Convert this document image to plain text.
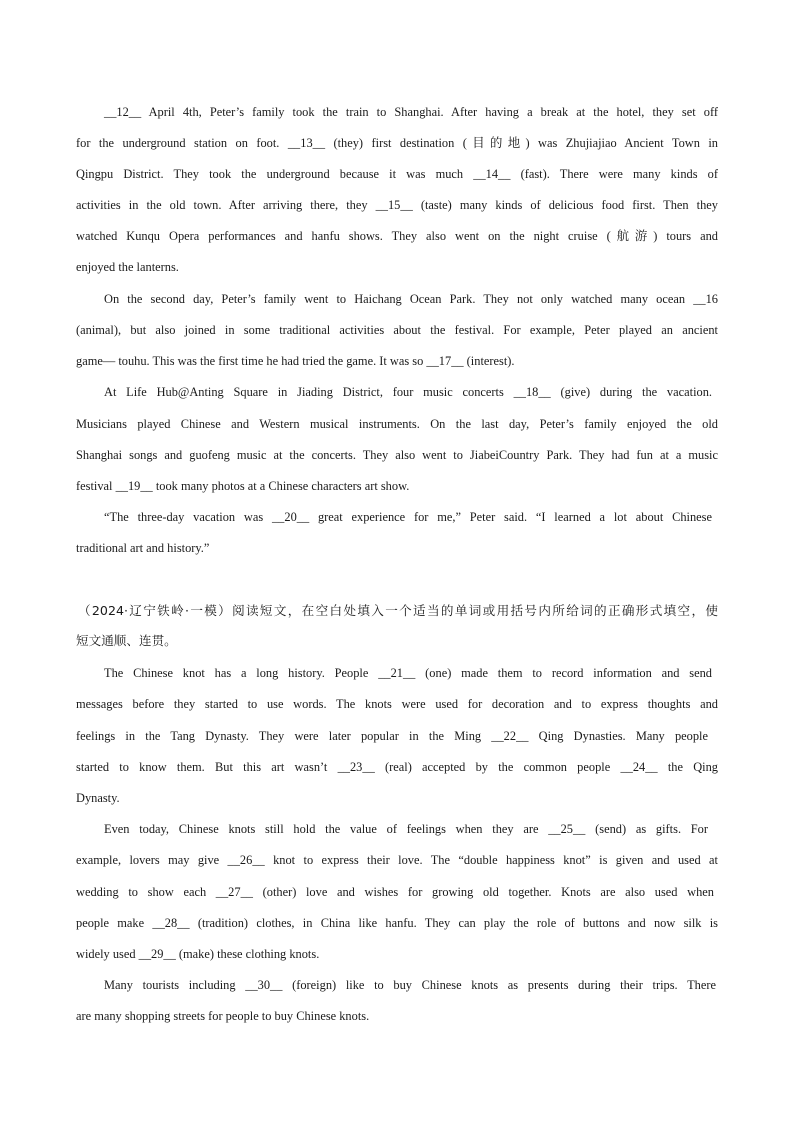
__12__ April 4th, Peter’s family took the train to Shanghai. After having a break at the hotel, they set off
for the underground station on foot. __13__ (they) first destination (目的地) was Zhujiajiao Ancient Town in
Qingpu District. They took the underground because it was much __14__ (fast). There were many kinds of
activities in the old town. After arriving there, they __15__ (taste) many kinds of delicious food first. Then they
watched Kunqu Opera performances and hanfu shows. They also went on the night cruise (航游) tours and
enjoyed the lanterns.
On the second day, Peter’s family went to Haichang Ocean Park. They not only watched many ocean __16
(animal), but also joined in some traditional activities about the festival. For example, Peter played an ancient
game— touhu. This was the first time he had tried the game. It was so __17__ (interest).
At Life Hub@Anting Square in Jiading District, four music concerts __18__ (give) during the vacation.
Musicians played Chinese and Western musical instruments. On the last day, Peter’s family enjoyed the old
Shanghai songs and guofeng music at the concerts. They also went to JiabeiCountry Park. They had fun at a music
festival __19__ took many photos at a Chinese characters art show.
“The three-day vacation was __20__ great experience for me,” Peter said. “I learned a lot about Chinese
traditional art and history.”
（2024·辽宁铁岭·一模）阅读短文，在空白处填入一个适当的单词或用括号内所给词的正确形式填空，使
短文通顺、连贯。
The Chinese knot has a long history. People __21__ (one) made them to record information and send
messages before they started to use words. The knots were used for decoration and to express thoughts and
feelings in the Tang Dynasty. They were later popular in the Ming __22__ Qing Dynasties. Many people
started to know them. But this art wasn’t __23__ (real) accepted by the common people __24__ the Qing
Dynasty.
Even today, Chinese knots still hold the value of feelings when they are __25__ (send) as gifts. For
example, lovers may give __26__ knot to express their love. The “double happiness knot” is given and used at
wedding to show each __27__ (other) love and wishes for growing old together. Knots are also used when
people make __28__ (tradition) clothes, in China like hanfu. They can play the role of buttons and now silk is
widely used __29__ (make) these clothing knots.
Many tourists including __30__ (foreign) like to buy Chinese knots as presents during their trips. There
are many shopping streets for people to buy Chinese knots.
